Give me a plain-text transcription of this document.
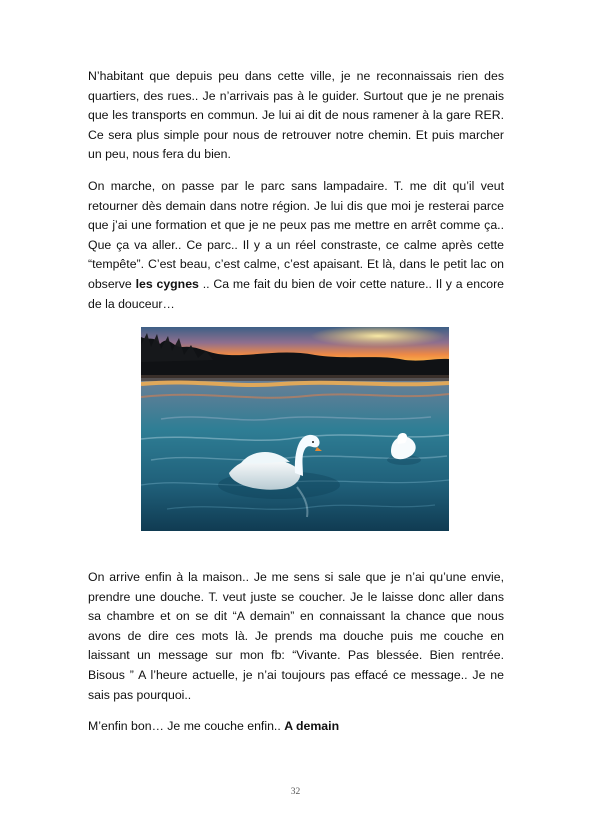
N’habitant que depuis peu dans cette ville, je ne reconnaissais rien des quartiers, des rues.. Je n’arrivais pas à le guider. Surtout que je ne prenais que les transports en commun. Je lui ai dit de nous ramener à la gare RER. Ce sera plus simple pour nous de retrouver notre chemin. Et puis marcher un peu, nous fera du bien.

On marche, on passe par le parc sans lampadaire. T. me dit qu’il veut retourner dès demain dans notre région. Je lui dis que moi je resterai parce que j’ai une formation et que je ne peux pas me mettre en arrêt comme ça.. Que ça va aller.. Ce parc.. Il y a un réel constraste, ce calme après cette “tempête”. C’est beau, c’est calme, c’est apaisant. Et là, dans le petit lac on observe les cygnes .. Ca me fait du bien de voir cette nature.. Il y a encore de la douceur…

On arrive enfin à la maison.. Je me sens si sale que je n’ai qu’une envie, prendre une douche. T. veut juste se coucher. Je le laisse donc aller dans sa chambre et on se dit “A demain” en connaissant la chance que nous avons de dire ces mots là. Je prends ma douche puis me couche en laissant un message sur mon fb: “Vivante. Pas blessée. Bien rentrée. Bisous ” A l’heure actuelle, je n’ai toujours pas effacé ce message.. Je ne sais pas pourquoi..

M’enfin bon… Je me couche enfin.. A demain

32
